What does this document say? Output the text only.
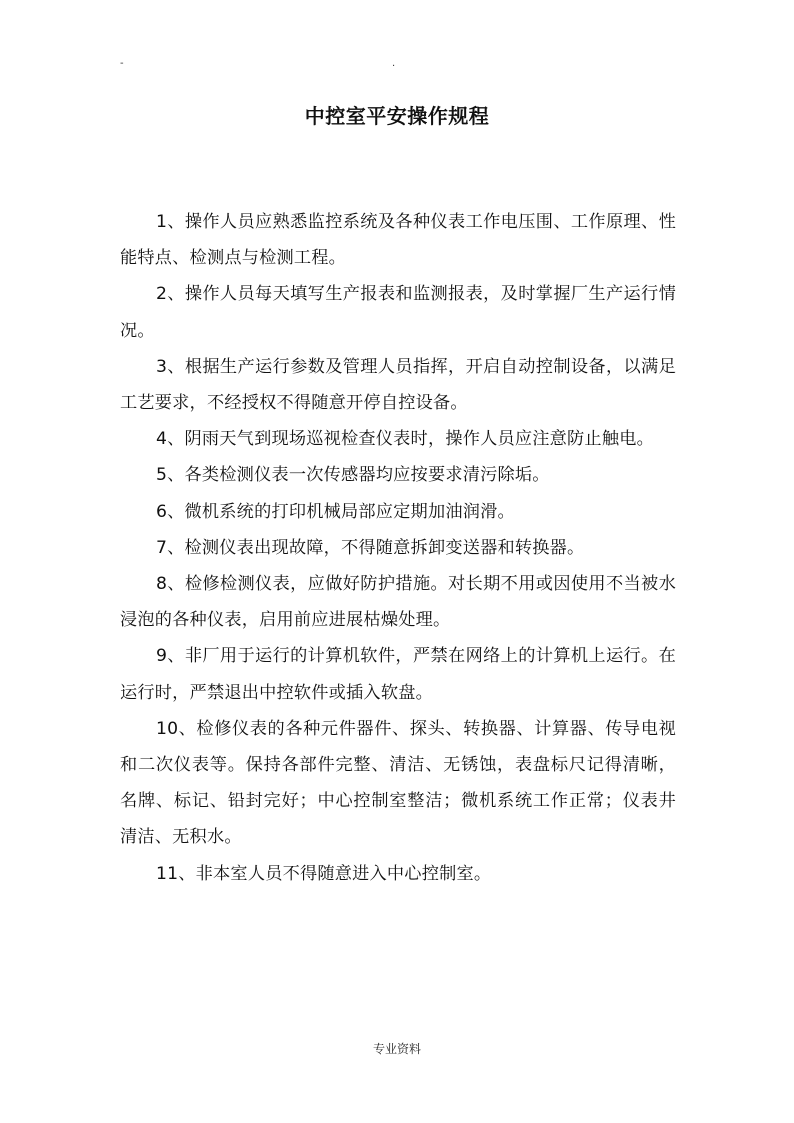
-	.
中控室平安操作规程

1、操作人员应熟悉监控系统及各种仪表工作电压围、工作原理、性能特点、检测点与检测工程。

2、操作人员每天填写生产报表和监测报表，及时掌握厂生产运行情况。

3、根据生产运行参数及管理人员指挥，开启自动控制设备，以满足工艺要求，不经授权不得随意开停自控设备。

4、阴雨天气到现场巡视检查仪表时，操作人员应注意防止触电。

5、各类检测仪表一次传感器均应按要求清污除垢。

6、微机系统的打印机械局部应定期加油润滑。

7、检测仪表出现故障，不得随意拆卸变送器和转换器。

8、检修检测仪表，应做好防护措施。对长期不用或因使用不当被水浸泡的各种仪表，启用前应进展枯燥处理。

9、非厂用于运行的计算机软件，严禁在网络上的计算机上运行。在运行时，严禁退出中控软件或插入软盘。

10、检修仪表的各种元件器件、探头、转换器、计算器、传导电视和二次仪表等。保持各部件完整、清洁、无锈蚀，表盘标尺记得清晰，名牌、标记、铅封完好；中心控制室整洁；微机系统工作正常；仪表井清洁、无积水。

11、非本室人员不得随意进入中心控制室。

专业资料
